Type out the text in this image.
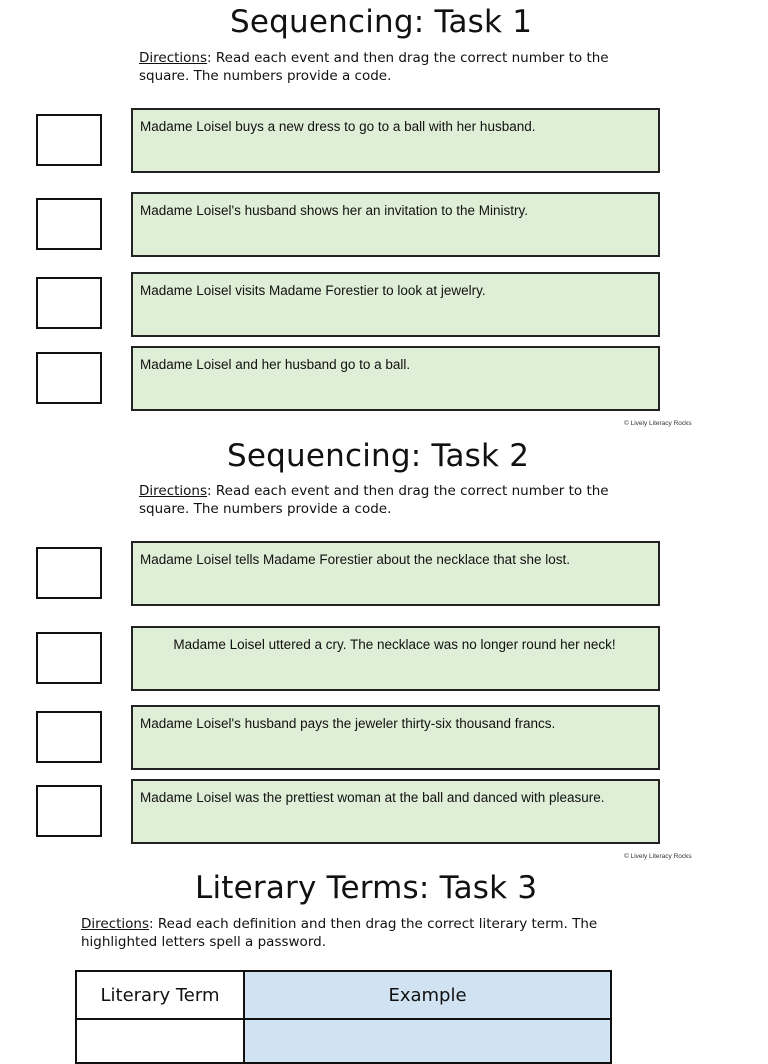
Sequencing: Task 1
Directions: Read each event and then drag the correct number to the square. The numbers provide a code.
Madame Loisel buys a new dress to go to a ball with her husband.
Madame Loisel's husband shows her an invitation to the Ministry.
Madame Loisel visits Madame Forestier to look at jewelry.
Madame Loisel and her husband go to a ball.
© Lively Literacy Rocks
Sequencing: Task 2
Directions: Read each event and then drag the correct number to the square. The numbers provide a code.
Madame Loisel tells Madame Forestier about the necklace that she lost.
Madame Loisel uttered a cry. The necklace was no longer round her neck!
Madame Loisel's husband pays the jeweler thirty-six thousand francs.
Madame Loisel was the prettiest woman at the ball and danced with pleasure.
© Lively Literacy Rocks
Literary Terms: Task 3
Directions: Read each definition and then drag the correct literary term. The highlighted letters spell a password.
Literary Term	Example
